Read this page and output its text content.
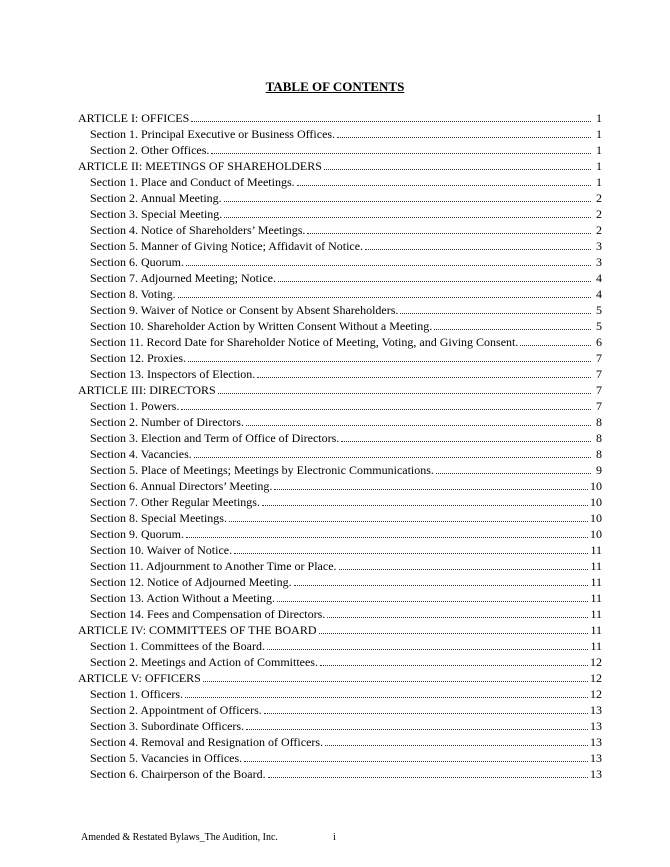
TABLE OF CONTENTS
ARTICLE I: OFFICES	1
Section 1. Principal Executive or Business Offices.	1
Section 2. Other Offices.	1
ARTICLE II: MEETINGS OF SHAREHOLDERS	1
Section 1. Place and Conduct of Meetings.	1
Section 2. Annual Meeting.	2
Section 3. Special Meeting.	2
Section 4. Notice of Shareholders’ Meetings.	2
Section 5. Manner of Giving Notice; Affidavit of Notice.	3
Section 6. Quorum.	3
Section 7. Adjourned Meeting; Notice.	4
Section 8. Voting.	4
Section 9. Waiver of Notice or Consent by Absent Shareholders.	5
Section 10. Shareholder Action by Written Consent Without a Meeting.	5
Section 11. Record Date for Shareholder Notice of Meeting, Voting, and Giving Consent.	6
Section 12. Proxies.	7
Section 13. Inspectors of Election.	7
ARTICLE III: DIRECTORS	7
Section 1. Powers.	7
Section 2. Number of Directors.	8
Section 3. Election and Term of Office of Directors.	8
Section 4. Vacancies.	8
Section 5. Place of Meetings; Meetings by Electronic Communications.	9
Section 6. Annual Directors’ Meeting.	10
Section 7. Other Regular Meetings.	10
Section 8. Special Meetings.	10
Section 9. Quorum.	10
Section 10. Waiver of Notice.	11
Section 11. Adjournment to Another Time or Place.	11
Section 12. Notice of Adjourned Meeting.	11
Section 13. Action Without a Meeting.	11
Section 14. Fees and Compensation of Directors.	11
ARTICLE IV: COMMITTEES OF THE BOARD	11
Section 1. Committees of the Board.	11
Section 2. Meetings and Action of Committees.	12
ARTICLE V: OFFICERS	12
Section 1. Officers.	12
Section 2. Appointment of Officers.	13
Section 3. Subordinate Officers.	13
Section 4. Removal and Resignation of Officers.	13
Section 5. Vacancies in Offices.	13
Section 6. Chairperson of the Board.	13
Amended & Restated Bylaws_The Audition, Inc.	i
